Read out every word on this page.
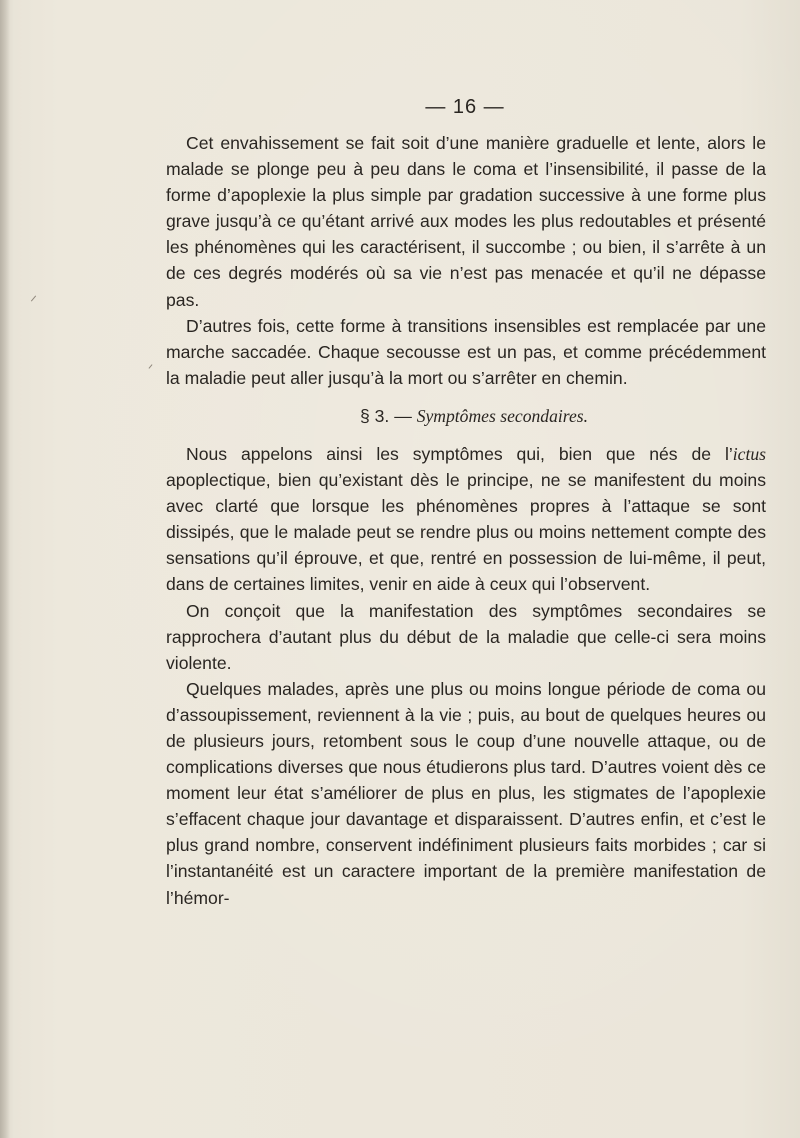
— 16 —

Cet envahissement se fait soit d’une manière graduelle et lente, alors le malade se plonge peu à peu dans le coma et l’insensibilité, il passe de la forme d’apoplexie la plus simple par gradation successive à une forme plus grave jusqu’à ce qu’étant arrivé aux modes les plus redoutables et présenté les phénomènes qui les caractérisent, il succombe ; ou bien, il s’arrête à un de ces degrés modérés où sa vie n’est pas menacée et qu’il ne dépasse pas.

D’autres fois, cette forme à transitions insensibles est remplacée par une marche saccadée. Chaque secousse est un pas, et comme précédemment la maladie peut aller jusqu’à la mort ou s’arrêter en chemin.

§ 3. — Symptômes secondaires.

Nous appelons ainsi les symptômes qui, bien que nés de l’ictus apoplectique, bien qu’existant dès le principe, ne se manifestent du moins avec clarté que lorsque les phénomènes propres à l’attaque se sont dissipés, que le malade peut se rendre plus ou moins nettement compte des sensations qu’il éprouve, et que, rentré en possession de lui-même, il peut, dans de certaines limites, venir en aide à ceux qui l’observent.

On conçoit que la manifestation des symptômes secondaires se rapprochera d’autant plus du début de la maladie que celle-ci sera moins violente.

Quelques malades, après une plus ou moins longue période de coma ou d’assoupissement, reviennent à la vie ; puis, au bout de quelques heures ou de plusieurs jours, retombent sous le coup d’une nouvelle attaque, ou de complications diverses que nous étudierons plus tard. D’autres voient dès ce moment leur état s’améliorer de plus en plus, les stigmates de l’apoplexie s’effacent chaque jour davantage et disparaissent. D’autres enfin, et c’est le plus grand nombre, conservent indéfiniment plusieurs faits morbides ; car si l’instantanéité est un caractere important de la première manifestation de l’hémor-
